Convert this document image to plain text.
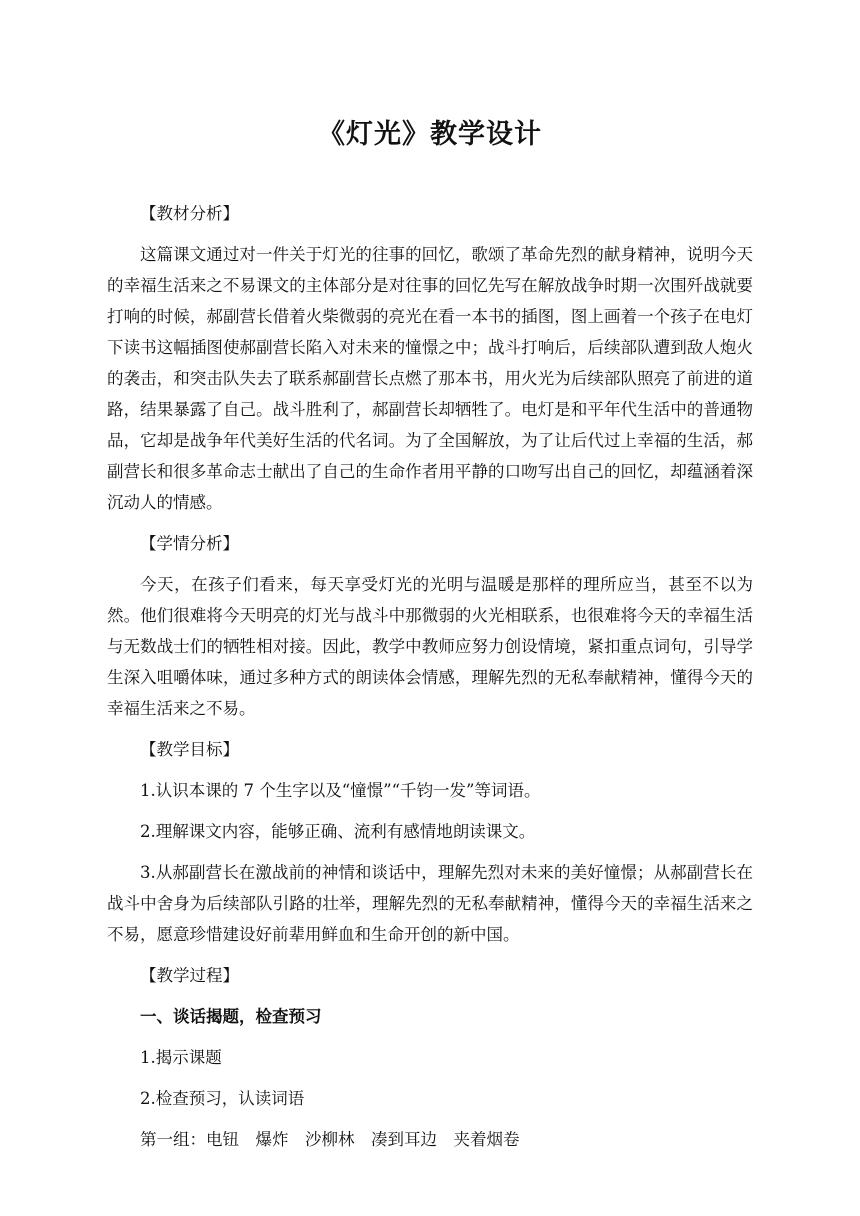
《灯光》教学设计

【教材分析】

这篇课文通过对一件关于灯光的往事的回忆，歌颂了革命先烈的献身精神，说明今天的幸福生活来之不易课文的主体部分是对往事的回忆先写在解放战争时期一次围歼战就要打响的时候，郝副营长借着火柴微弱的亮光在看一本书的插图，图上画着一个孩子在电灯下读书这幅插图使郝副营长陷入对未来的憧憬之中；战斗打响后，后续部队遭到敌人炮火的袭击，和突击队失去了联系郝副营长点燃了那本书，用火光为后续部队照亮了前进的道路，结果暴露了自己。战斗胜利了，郝副营长却牺牲了。电灯是和平年代生活中的普通物品，它却是战争年代美好生活的代名词。为了全国解放，为了让后代过上幸福的生活，郝副营长和很多革命志士献出了自己的生命作者用平静的口吻写出自己的回忆，却蕴涵着深沉动人的情感。

【学情分析】

今天，在孩子们看来，每天享受灯光的光明与温暖是那样的理所应当，甚至不以为然。他们很难将今天明亮的灯光与战斗中那微弱的火光相联系，也很难将今天的幸福生活与无数战士们的牺牲相对接。因此，教学中教师应努力创设情境，紧扣重点词句，引导学生深入咀嚼体味，通过多种方式的朗读体会情感，理解先烈的无私奉献精神，懂得今天的幸福生活来之不易。

【教学目标】

1.认识本课的 7 个生字以及“憧憬”“千钧一发”等词语。

2.理解课文内容，能够正确、流利有感情地朗读课文。

3.从郝副营长在激战前的神情和谈话中，理解先烈对未来的美好憧憬；从郝副营长在战斗中舍身为后续部队引路的壮举，理解先烈的无私奉献精神，懂得今天的幸福生活来之不易，愿意珍惜建设好前辈用鲜血和生命开创的新中国。

【教学过程】

一、谈话揭题，检查预习

1.揭示课题

2.检查预习，认读词语

第一组：电钮　爆炸　沙柳林　凑到耳边　夹着烟卷
